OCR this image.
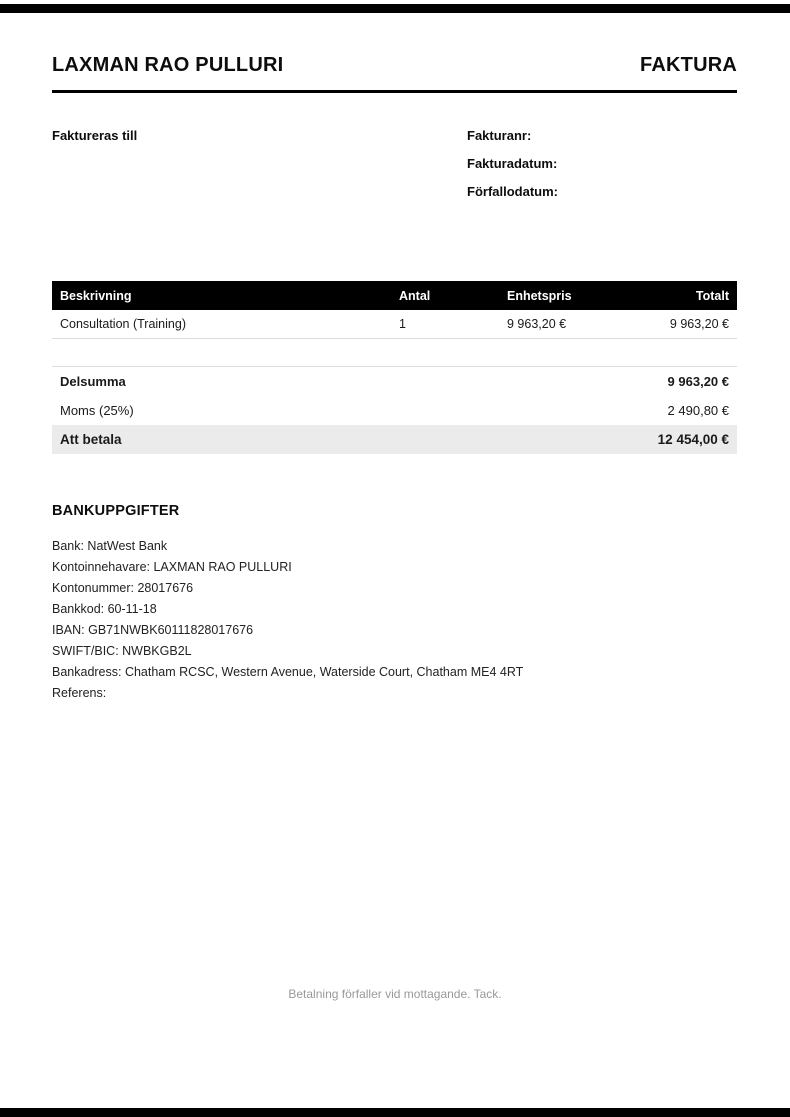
LAXMAN RAO PULLURI	FAKTURA
Faktureras till	Fakturanr:
Fakturadatum:
Förfallodatum:
Beskrivning	Antal	Enhetspris	Totalt
Consultation (Training)	1	9 963,20 €	9 963,20 €
Delsumma	9 963,20 €
Moms (25%)	2 490,80 €
Att betala	12 454,00 €
BANKUPPGIFTER
Bank: NatWest Bank
Kontoinnehavare: LAXMAN RAO PULLURI
Kontonummer: 28017676
Bankkod: 60-11-18
IBAN: GB71NWBK60111828017676
SWIFT/BIC: NWBKGB2L
Bankadress: Chatham RCSC, Western Avenue, Waterside Court, Chatham ME4 4RT
Referens:
Betalning förfaller vid mottagande. Tack.
